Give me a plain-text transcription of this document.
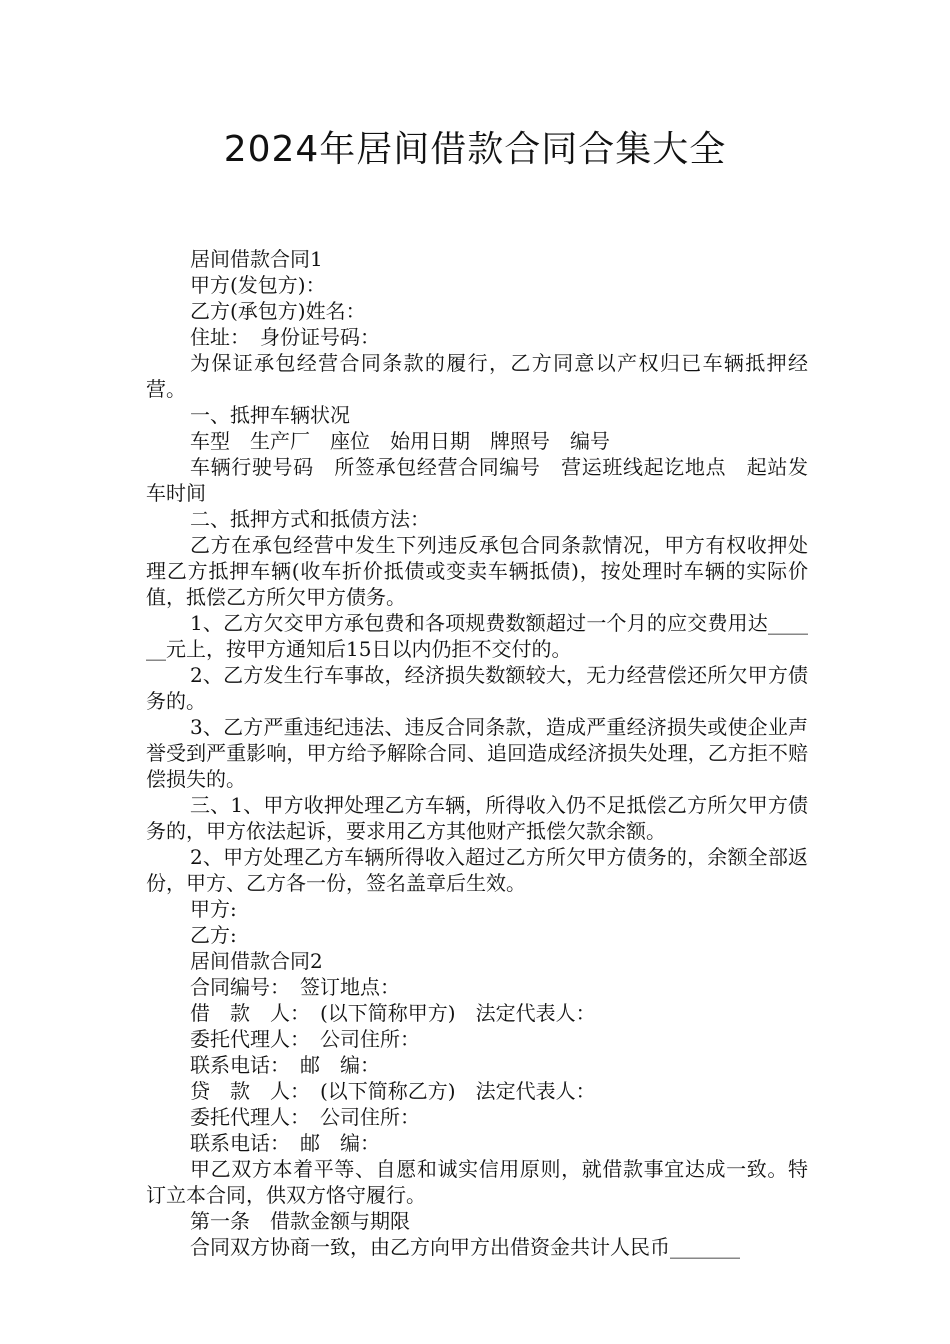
2024年居间借款合同合集大全

居间借款合同1

甲方(发包方)：

乙方(承包方)姓名：

住址：　身份证号码：

为保证承包经营合同条款的履行，乙方同意以产权归已车辆抵押经营。

一、抵押车辆状况

车型　生产厂　座位　始用日期　牌照号　编号

车辆行驶号码　所签承包经营合同编号　营运班线起讫地点　起站发车时间

二、抵押方式和抵债方法：

乙方在承包经营中发生下列违反承包合同条款情况，甲方有权收押处理乙方抵押车辆(收车折价抵债或变卖车辆抵债)，按处理时车辆的实际价值，抵偿乙方所欠甲方债务。

1、乙方欠交甲方承包费和各项规费数额超过一个月的应交费用达______元上，按甲方通知后15日以内仍拒不交付的。

2、乙方发生行车事故，经济损失数额较大，无力经营偿还所欠甲方债务的。

3、乙方严重违纪违法、违反合同条款，造成严重经济损失或使企业声誉受到严重影响，甲方给予解除合同、追回造成经济损失处理，乙方拒不赔偿损失的。

三、1、甲方收押处理乙方车辆，所得收入仍不足抵偿乙方所欠甲方债务的，甲方依法起诉，要求用乙方其他财产抵偿欠款余额。

2、甲方处理乙方车辆所得收入超过乙方所欠甲方债务的，余额全部返份，甲方、乙方各一份，签名盖章后生效。

甲方:

乙方:

居间借款合同2

合同编号：　签订地点：

借　款　人：　(以下简称甲方)　法定代表人：

委托代理人：　公司住所：

联系电话：　邮　编：

贷　款　人：　(以下简称乙方)　法定代表人：

委托代理人：　公司住所：

联系电话：　邮　编：

甲乙双方本着平等、自愿和诚实信用原则，就借款事宜达成一致。特订立本合同，供双方恪守履行。

第一条　借款金额与期限

合同双方协商一致，由乙方向甲方出借资金共计人民币_______
